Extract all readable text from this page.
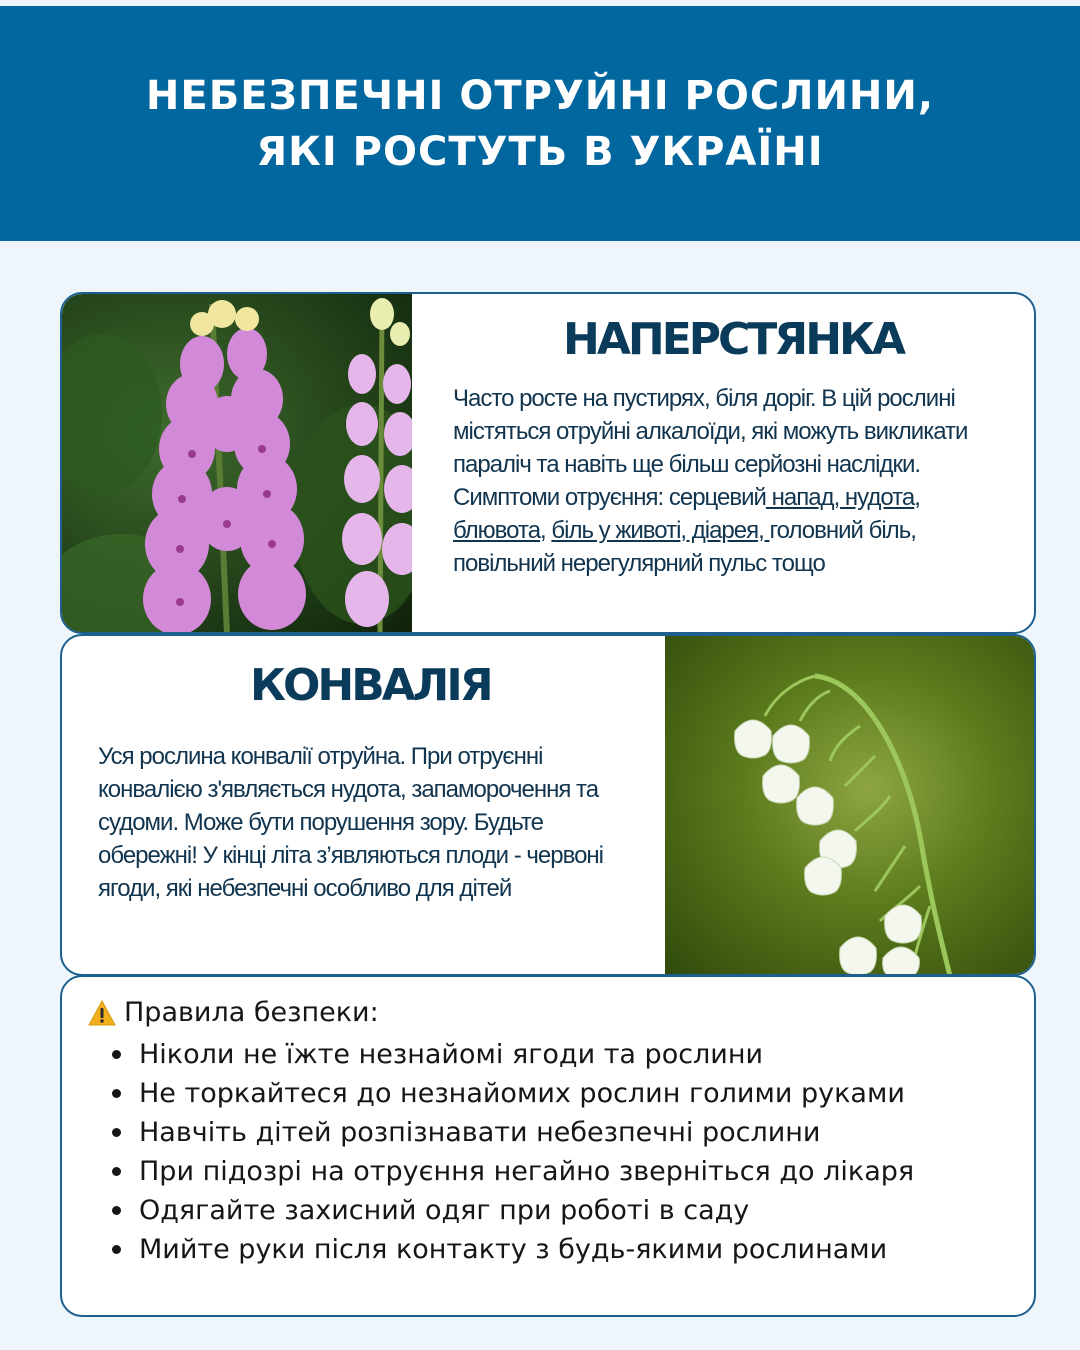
НЕБЕЗПЕЧНІ ОТРУЙНІ РОСЛИНИ,
ЯКІ РОСТУТЬ В УКРАЇНІ
НАПЕРСТЯНКА
Часто росте на пустирях, біля доріг. В цій рослині містяться отруйні алкалоїди, які можуть викликати параліч та навіть ще більш серйозні наслідки. Симптоми отруєння: серцевий напад, нудота, блювота, біль у животі, діарея, головний біль, повільний нерегулярний пульс тощо
КОНВАЛІЯ
Уся рослина конвалії отруйна. При отруєнні конвалією з'являється нудота, запаморочення та судоми. Може бути порушення зору. Будьте обережні! У кінці літа з’являються плоди - червоні ягоди, які небезпечні особливо для дітей
Правила безпеки:
Ніколи не їжте незнайомі ягоди та рослини
Не торкайтеся до незнайомих рослин голими руками
Навчіть дітей розпізнавати небезпечні рослини
При підозрі на отруєння негайно зверніться до лікаря
Одягайте захисний одяг при роботі в саду
Мийте руки після контакту з будь-якими рослинами
